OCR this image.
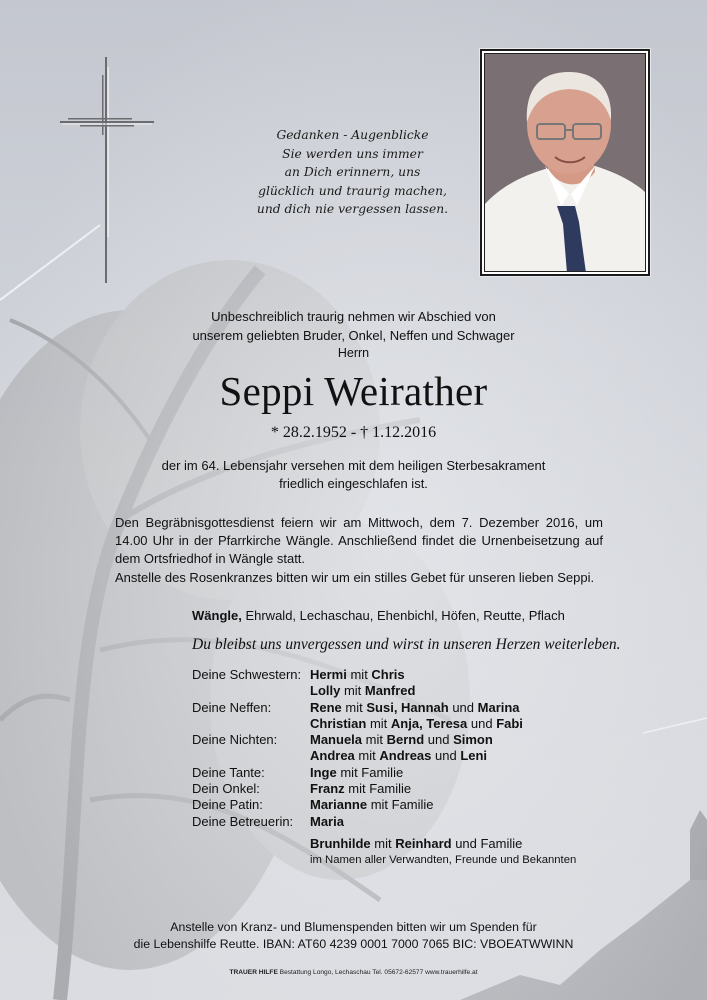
Gedanken - Augenblicke
Sie werden uns immer
an Dich erinnern, uns
glücklich und traurig machen,
und dich nie vergessen lassen.
Unbeschreiblich traurig nehmen wir Abschied von
unserem geliebten Bruder, Onkel, Neffen und Schwager
Herrn
Seppi Weirather
* 28.2.1952 - † 1.12.2016
der im 64. Lebensjahr versehen mit dem heiligen Sterbesakrament
friedlich eingeschlafen ist.
Den Begräbnisgottesdienst feiern wir am Mittwoch, dem 7. Dezember 2016, um 14.00 Uhr in der Pfarrkirche Wängle. Anschließend findet die Urnenbeisetzung auf dem Ortsfriedhof in Wängle statt.
Anstelle des Rosenkranzes bitten wir um ein stilles Gebet für unseren lieben Seppi.
Wängle, Ehrwald, Lechaschau, Ehenbichl, Höfen, Reutte, Pflach
Du bleibst uns unvergessen und wirst in unseren Herzen weiterleben.
Deine Schwestern: Hermi mit Chris
Lolly mit Manfred
Deine Neffen:	Rene mit Susi, Hannah und Marina
Christian mit Anja, Teresa und Fabi
Deine Nichten:	Manuela mit Bernd und Simon
Andrea mit Andreas und Leni
Deine Tante:	Inge mit Familie
Dein Onkel:	Franz mit Familie
Deine Patin:	Marianne mit Familie
Deine Betreuerin:	Maria
Brunhilde mit Reinhard und Familie
im Namen aller Verwandten, Freunde und Bekannten
Anstelle von Kranz- und Blumenspenden bitten wir um Spenden für
die Lebenshilfe Reutte. IBAN: AT60 4239 0001 7000 7065 BIC: VBOEATWWINN
TRAUER HILFE Bestattung Longo, Lechaschau Tel. 05672-62577 www.trauerhilfe.at
